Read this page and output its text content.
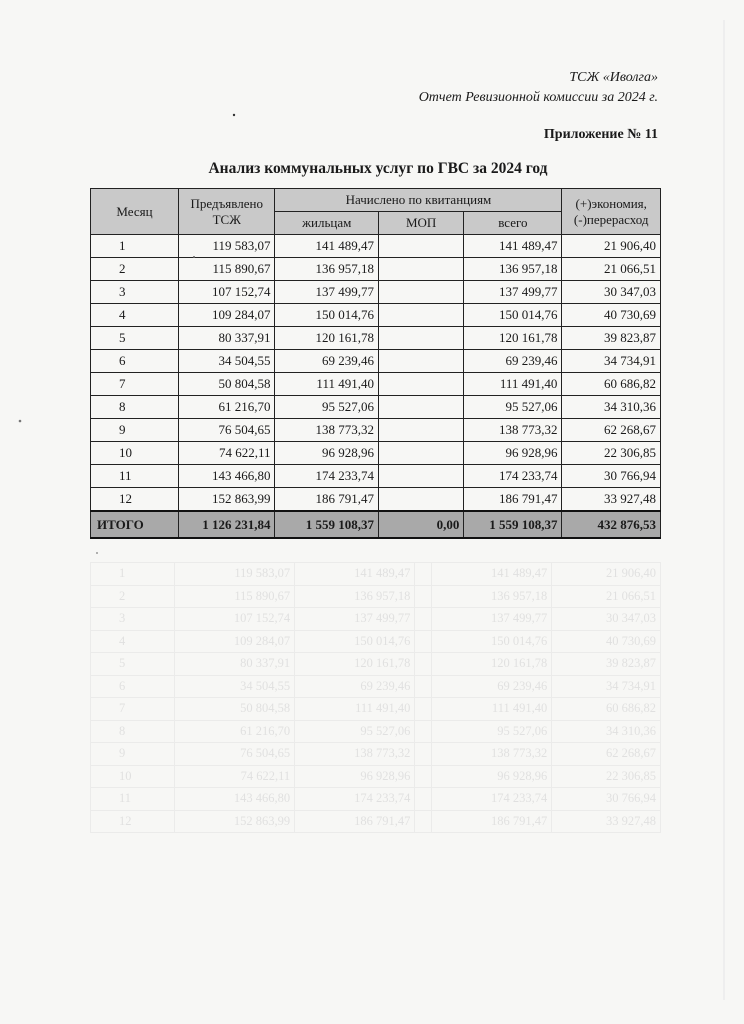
ТСЖ «Иволга»
Отчет Ревизионной комиссии за 2024 г.
Приложение № 11
Анализ коммунальных услуг по ГВС за 2024 год
Месяц	Предъявлено ТСЖ	Начислено по квитанциям			(+)экономия, (-)перерасход
		жильцам	МОП	всего	
1	119 583,07	141 489,47		141 489,47	21 906,40
2	115 890,67	136 957,18		136 957,18	21 066,51
3	107 152,74	137 499,77		137 499,77	30 347,03
4	109 284,07	150 014,76		150 014,76	40 730,69
5	80 337,91	120 161,78		120 161,78	39 823,87
6	34 504,55	69 239,46		69 239,46	34 734,91
7	50 804,58	111 491,40		111 491,40	60 686,82
8	61 216,70	95 527,06		95 527,06	34 310,36
9	76 504,65	138 773,32		138 773,32	62 268,67
10	74 622,11	96 928,96		96 928,96	22 306,85
11	143 466,80	174 233,74		174 233,74	30 766,94
12	152 863,99	186 791,47		186 791,47	33 927,48
ИТОГО	1 126 231,84	1 559 108,37	0,00	1 559 108,37	432 876,53
1	119 583,07	141 489,47		141 489,47	21 906,40
2	115 890,67	136 957,18		136 957,18	21 066,51
3	107 152,74	137 499,77		137 499,77	30 347,03
4	109 284,07	150 014,76		150 014,76	40 730,69
5	80 337,91	120 161,78		120 161,78	39 823,87
6	34 504,55	69 239,46		69 239,46	34 734,91
7	50 804,58	111 491,40		111 491,40	60 686,82
8	61 216,70	95 527,06		95 527,06	34 310,36
9	76 504,65	138 773,32		138 773,32	62 268,67
10	74 622,11	96 928,96		96 928,96	22 306,85
11	143 466,80	174 233,74		174 233,74	30 766,94
12	152 863,99	186 791,47		186 791,47	33 927,48
